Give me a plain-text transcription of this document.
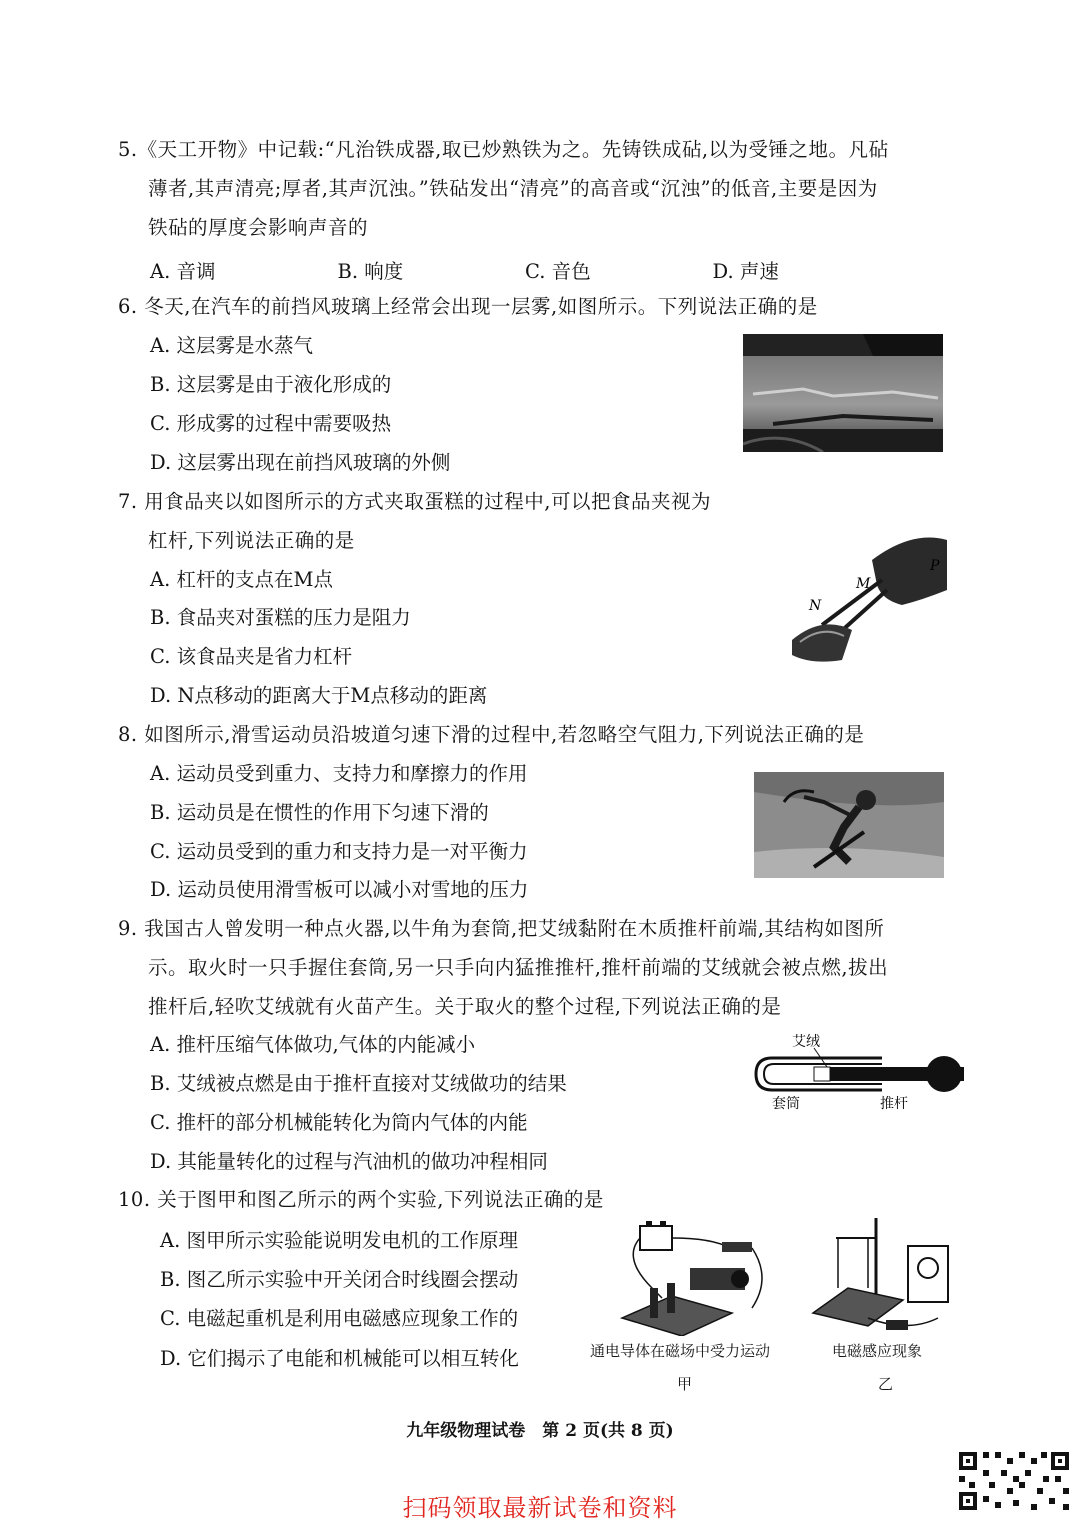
5.《天工开物》中记载:“凡治铁成器,取已炒熟铁为之。先铸铁成砧,以为受锤之地。凡砧
薄者,其声清亮;厚者,其声沉浊。”铁砧发出“清亮”的高音或“沉浊”的低音,主要是因为
铁砧的厚度会影响声音的
A. 音调	B. 响度	C. 音色	D. 声速
6. 冬天,在汽车的前挡风玻璃上经常会出现一层雾,如图所示。下列说法正确的是
A. 这层雾是水蒸气
B. 这层雾是由于液化形成的
C. 形成雾的过程中需要吸热
D. 这层雾出现在前挡风玻璃的外侧
7. 用食品夹以如图所示的方式夹取蛋糕的过程中,可以把食品夹视为
杠杆,下列说法正确的是
A. 杠杆的支点在M点
B. 食品夹对蛋糕的压力是阻力
C. 该食品夹是省力杠杆
D. N点移动的距离大于M点移动的距离
M
P
N
8. 如图所示,滑雪运动员沿坡道匀速下滑的过程中,若忽略空气阻力,下列说法正确的是
A. 运动员受到重力、支持力和摩擦力的作用
B. 运动员是在惯性的作用下匀速下滑的
C. 运动员受到的重力和支持力是一对平衡力
D. 运动员使用滑雪板可以减小对雪地的压力
9. 我国古人曾发明一种点火器,以牛角为套筒,把艾绒黏附在木质推杆前端,其结构如图所
示。取火时一只手握住套筒,另一只手向内猛推推杆,推杆前端的艾绒就会被点燃,拔出
推杆后,轻吹艾绒就有火苗产生。关于取火的整个过程,下列说法正确的是
A. 推杆压缩气体做功,气体的内能减小
B. 艾绒被点燃是由于推杆直接对艾绒做功的结果
C. 推杆的部分机械能转化为筒内气体的内能
D. 其能量转化的过程与汽油机的做功冲程相同
艾绒
套筒	推杆
10. 关于图甲和图乙所示的两个实验,下列说法正确的是
A. 图甲所示实验能说明发电机的工作原理
B. 图乙所示实验中开关闭合时线圈会摆动
C. 电磁起重机是利用电磁感应现象工作的
D. 它们揭示了电能和机械能可以相互转化	通电导体在磁场中受力运动
甲
电磁感应现象
乙
九年级物理试卷　第 2 页(共 8 页)
扫码领取最新试卷和资料
